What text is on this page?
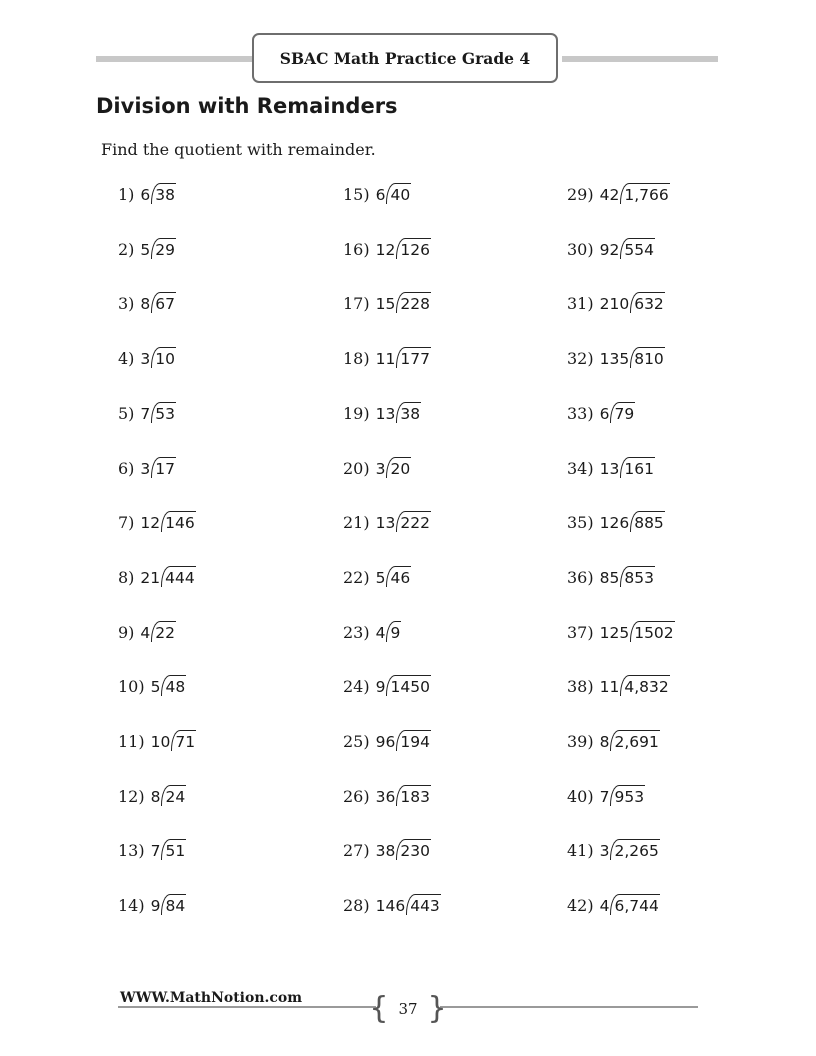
SBAC Math Practice Grade 4
Division with Remainders
Find the quotient with remainder.
1) 6 38
2) 5 29
3) 8 67
4) 3 10
5) 7 53
6) 3 17
7) 12 146
8) 21 444
9) 4 22
10) 5 48
11) 10 71
12) 8 24
13) 7 51
14) 9 84
15) 6 40
16) 12 126
17) 15 228
18) 11 177
19) 13 38
20) 3 20
21) 13 222
22) 5 46
23) 4 9
24) 9 1450
25) 96 194
26) 36 183
27) 38 230
28) 146 443
29) 42 1,766
30) 92 554
31) 210 632
32) 135 810
33) 6 79
34) 13 161
35) 126 885
36) 85 853
37) 125 1502
38) 11 4,832
39) 8 2,691
40) 7 953
41) 3 2,265
42) 4 6,744
WWW.MathNotion.com { 37 }
